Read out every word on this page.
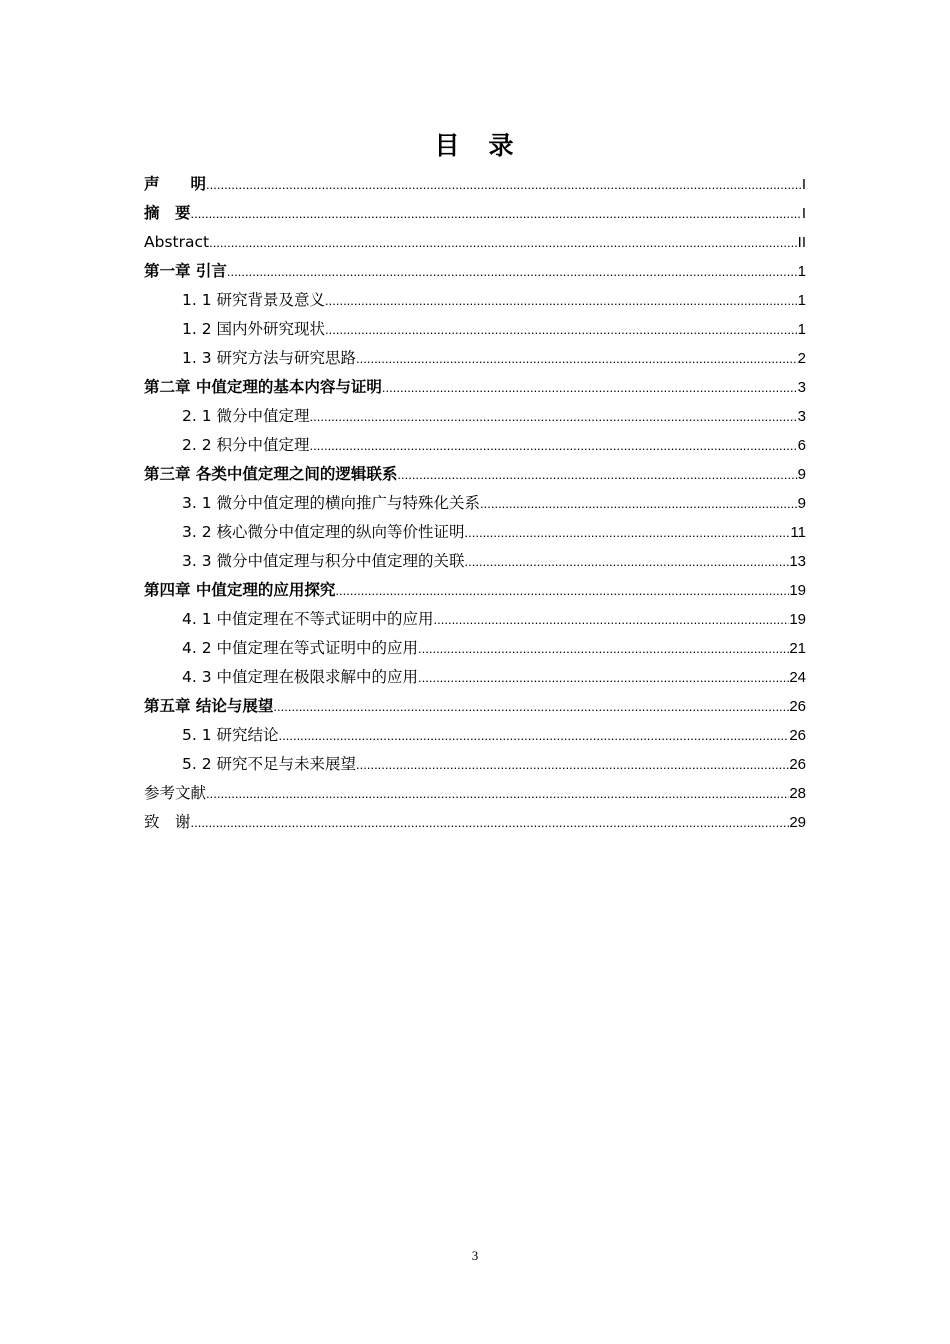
目　录
声　　明 .....	I
摘　要 .....	I
Abstract .....	II
第一章 引言 .....	1
1. 1 研究背景及意义 .....	1
1. 2 国内外研究现状 .....	1
1. 3 研究方法与研究思路 .....	2
第二章 中值定理的基本内容与证明 .....	3
2. 1 微分中值定理 .....	3
2. 2 积分中值定理 .....	6
第三章 各类中值定理之间的逻辑联系 .....	9
3. 1 微分中值定理的横向推广与特殊化关系 .....	9
3. 2 核心微分中值定理的纵向等价性证明 .....	11
3. 3 微分中值定理与积分中值定理的关联 .....	13
第四章 中值定理的应用探究 .....	19
4. 1 中值定理在不等式证明中的应用 .....	19
4. 2 中值定理在等式证明中的应用 .....	21
4. 3 中值定理在极限求解中的应用 .....	24
第五章 结论与展望 .....	26
5. 1 研究结论 .....	26
5. 2 研究不足与未来展望 .....	26
参考文献 .....	28
致　谢 .....	29
3
